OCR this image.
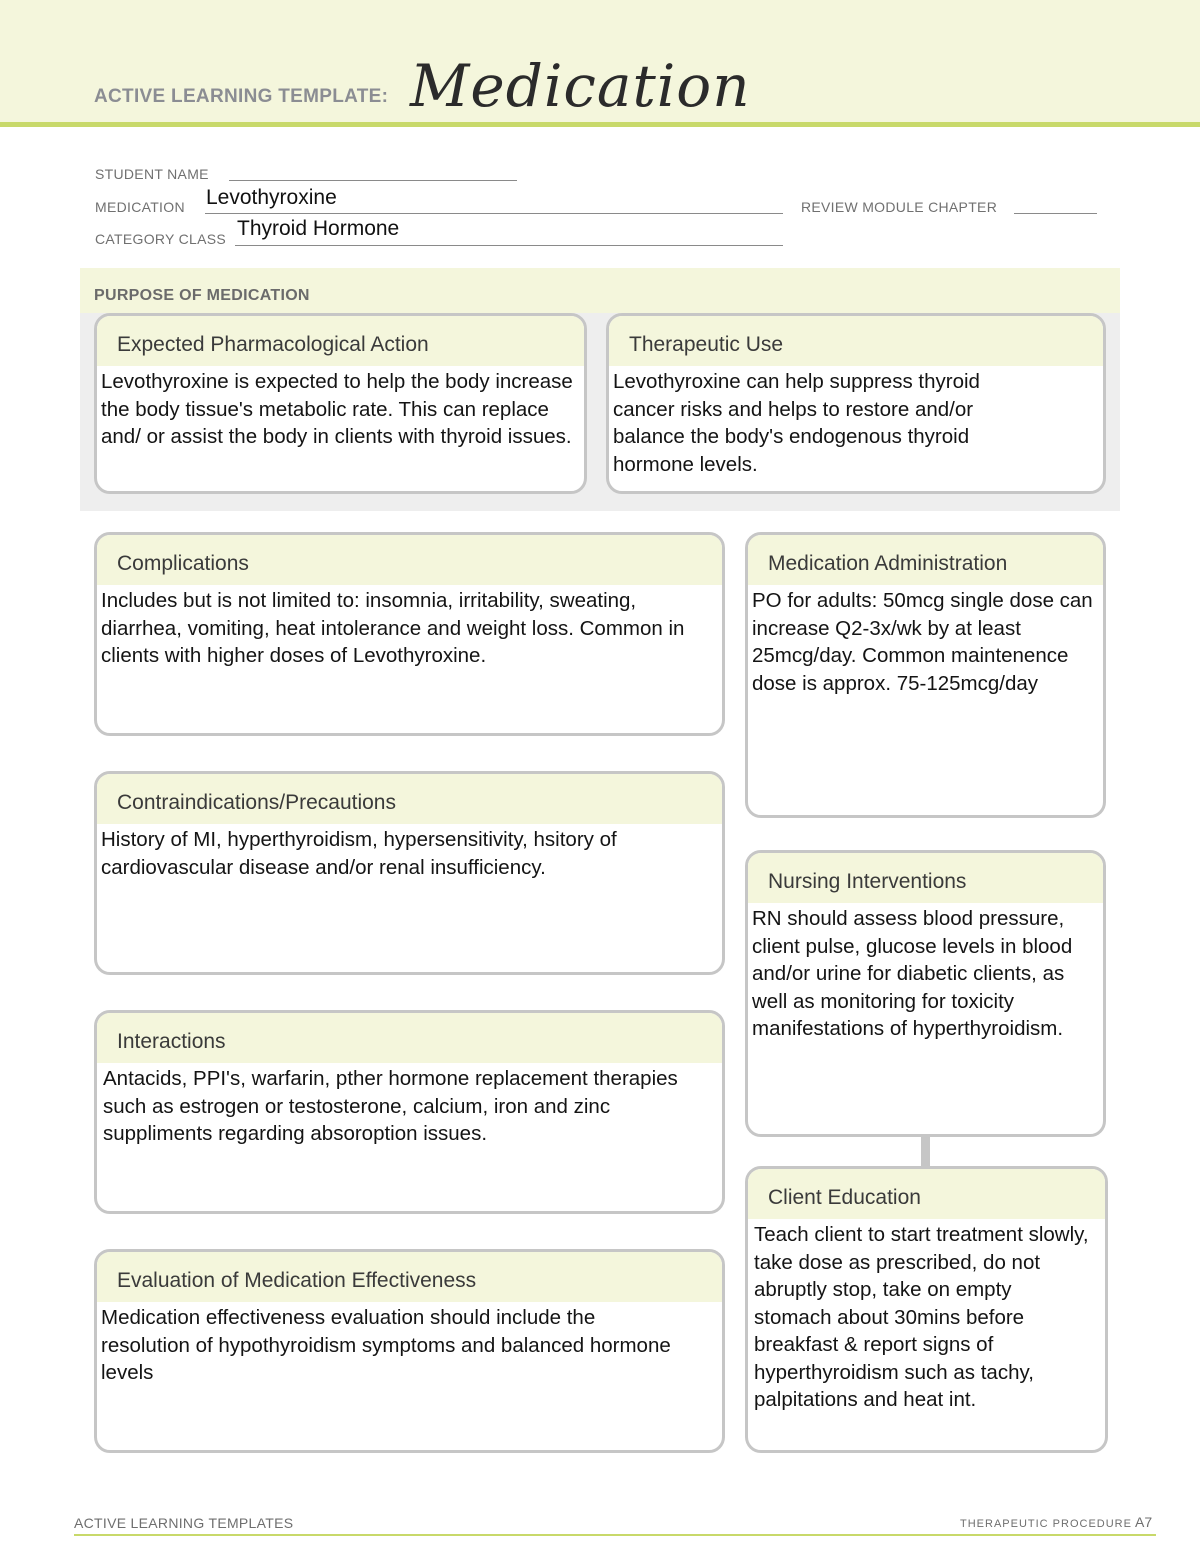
ACTIVE LEARNING TEMPLATE: Medication
STUDENT NAME
MEDICATION Levothyroxine	REVIEW MODULE CHAPTER
CATEGORY CLASS Thyroid Hormone
PURPOSE OF MEDICATION
Expected Pharmacological Action
Levothyroxine is expected to help the body increase the body tissue's metabolic rate. This can replace and/ or assist the body in clients with thyroid issues.
Therapeutic Use
Levothyroxine can help suppress thyroid cancer risks and helps to restore and/or balance the body's endogenous thyroid hormone levels.
Complications
Includes but is not limited to: insomnia, irritability, sweating, diarrhea, vomiting, heat intolerance and weight loss. Common in clients with higher doses of Levothyroxine.
Contraindications/Precautions
History of MI, hyperthyroidism, hypersensitivity, hsitory of cardiovascular disease and/or renal insufficiency.
Interactions
Antacids, PPI's, warfarin, pther hormone replacement therapies such as estrogen or testosterone, calcium, iron and zinc suppliments regarding absoroption issues.
Evaluation of Medication Effectiveness
Medication effectiveness evaluation should include the resolution of hypothyroidism symptoms and balanced hormone levels
Medication Administration
PO for adults: 50mcg single dose can increase Q2-3x/wk by at least 25mcg/day. Common maintenence dose is approx. 75-125mcg/day
Nursing Interventions
RN should assess blood pressure, client pulse, glucose levels in blood and/or urine for diabetic clients, as well as monitoring for toxicity manifestations of hyperthyroidism.
Client Education
Teach client to start treatment slowly, take dose as prescribed, do not abruptly stop, take on empty stomach about 30mins before breakfast & report signs of hyperthyroidism such as tachy, palpitations and heat int.
ACTIVE LEARNING TEMPLATES	THERAPEUTIC PROCEDURE A7
